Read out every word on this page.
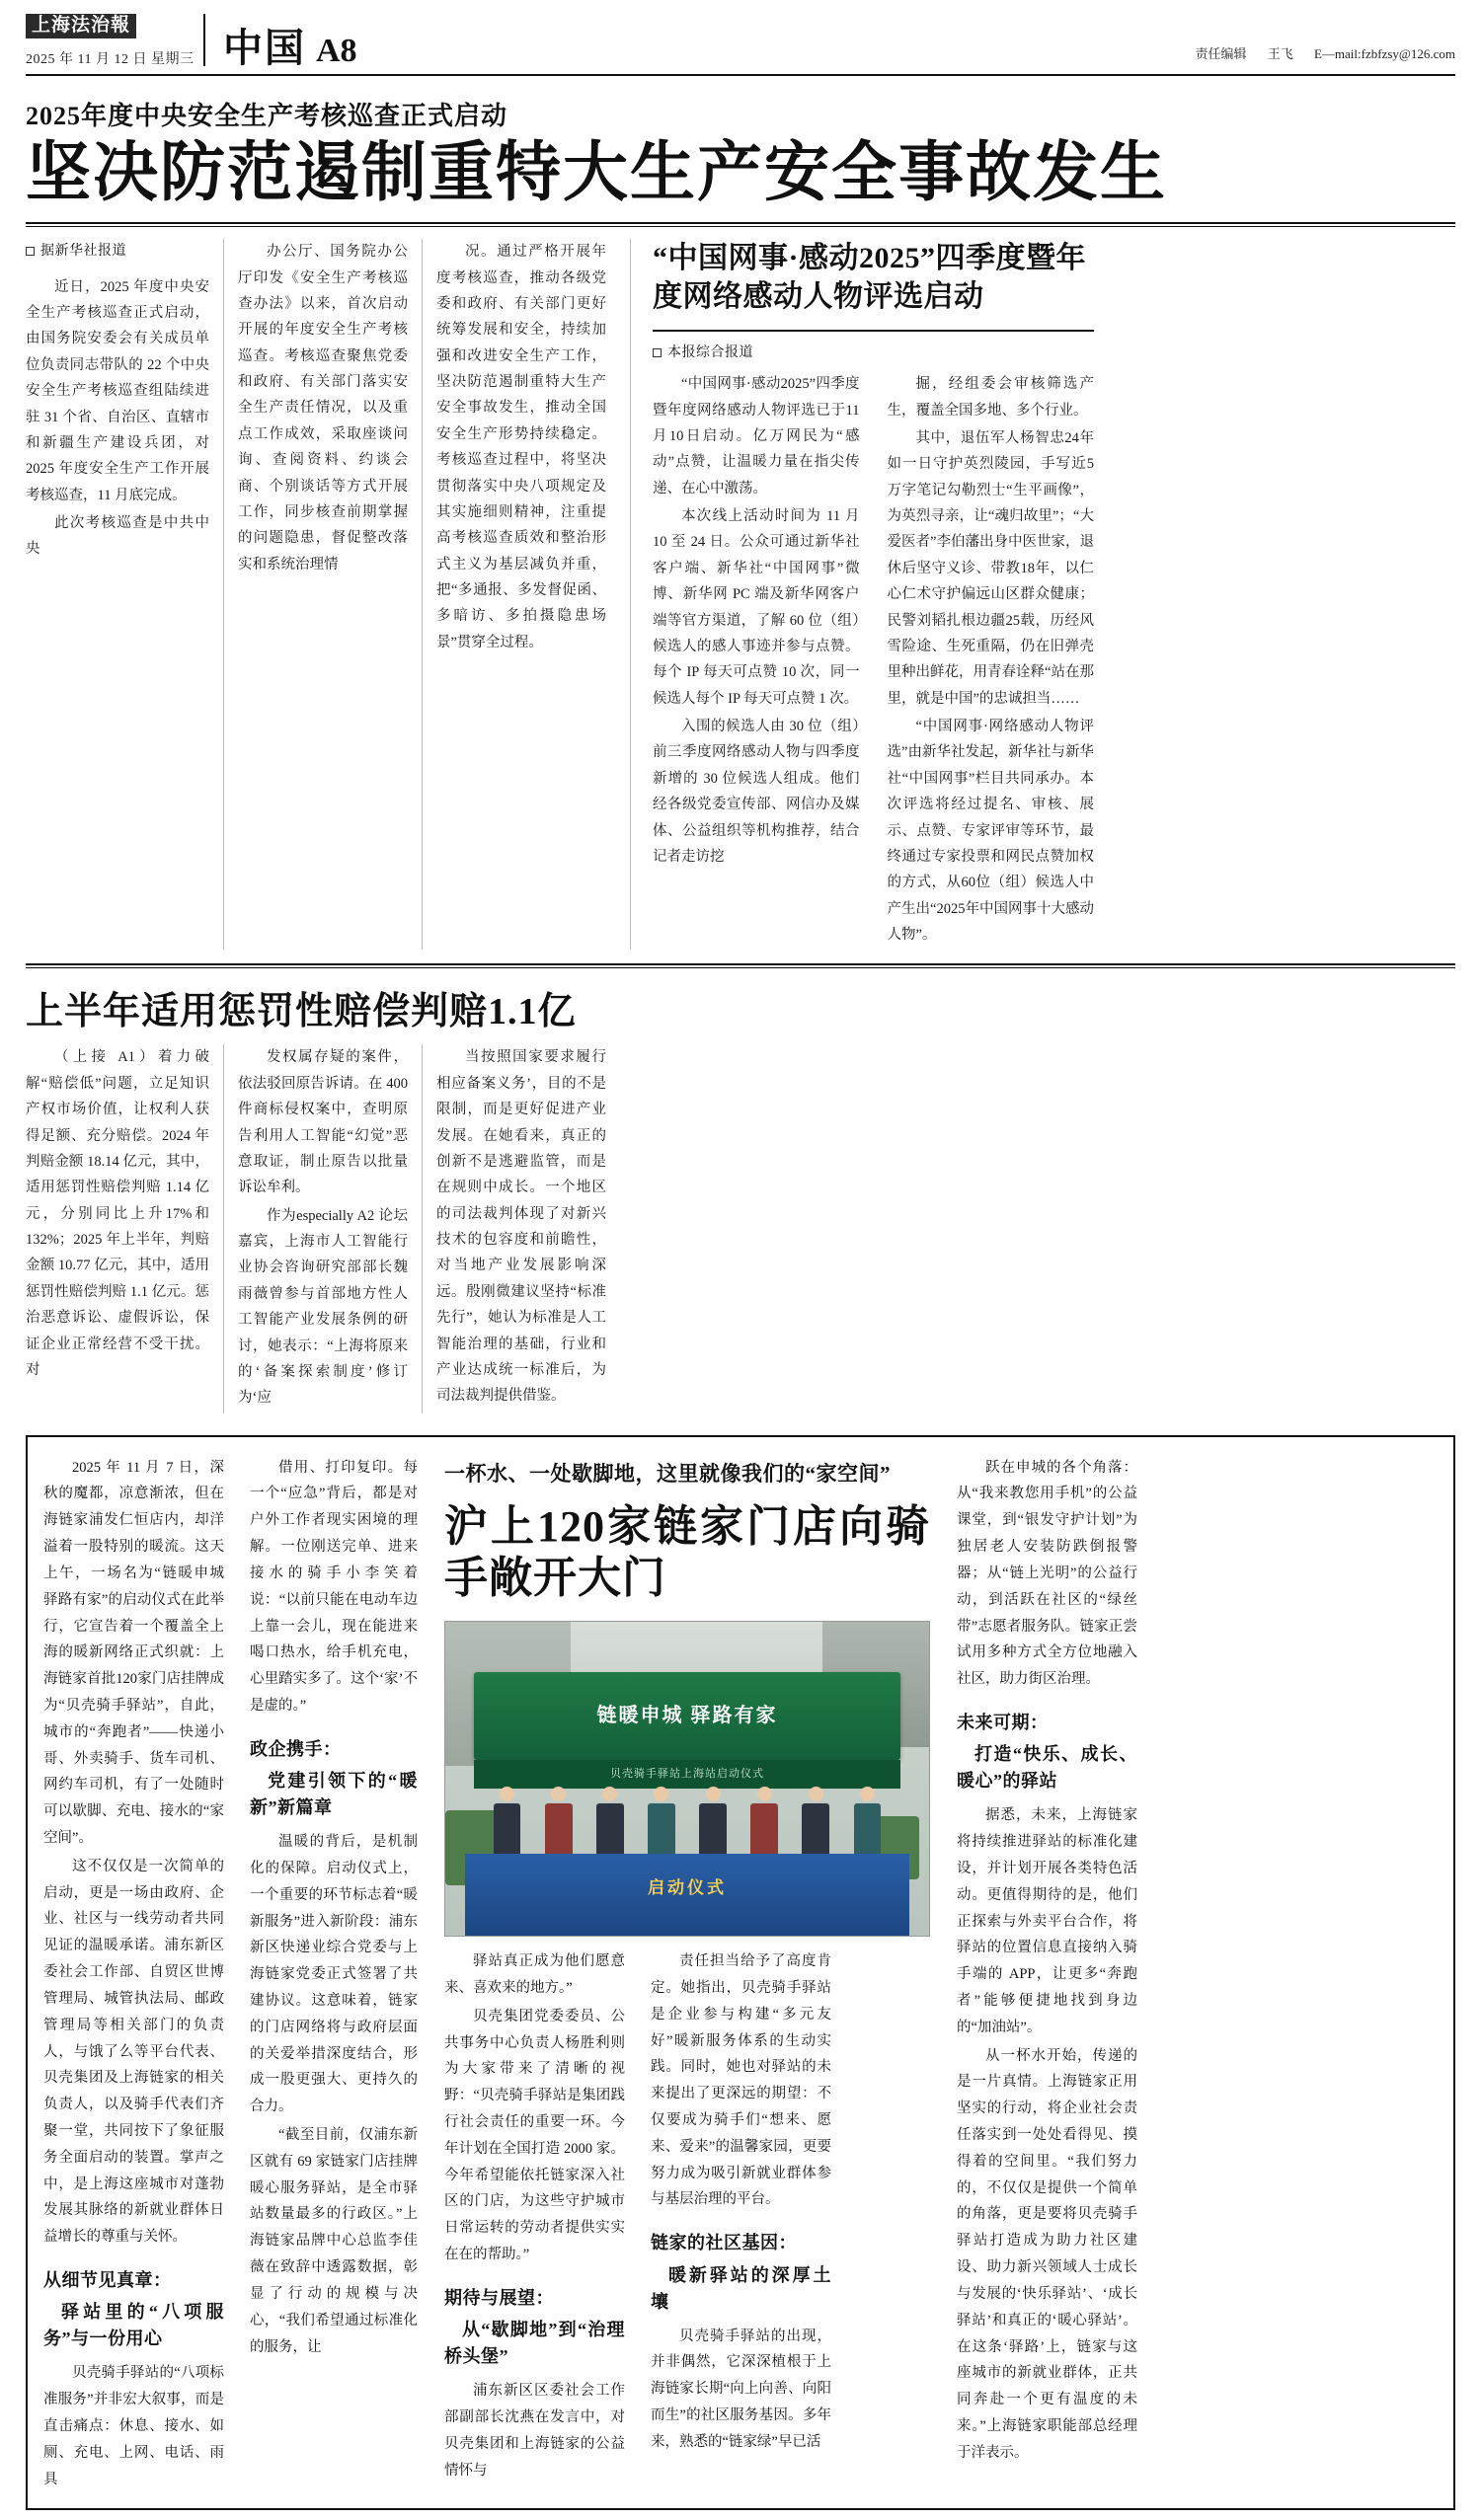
上海法治報
2025 年 11 月 12 日 星期三 中国 A8	责任编辑 王飞 E—mail:fzbfzsy@126.com
2025年度中央安全生产考核巡查正式启动
坚决防范遏制重特大生产安全事故发生
据新华社报道

近日，2025 年度中央安全生产考核巡查正式启动，由国务院安委会有关成员单位负责同志带队的 22 个中央安全生产考核巡查组陆续进驻 31 个省、自治区、直辖市和新疆生产建设兵团，对 2025 年度安全生产工作开展考核巡查，11 月底完成。

此次考核巡查是中共中央

办公厅、国务院办公厅印发《安全生产考核巡查办法》以来，首次启动开展的年度安全生产考核巡查。考核巡查聚焦党委和政府、有关部门落实安全生产责任情况，以及重点工作成效，采取座谈问询、查阅资料、约谈会商、个别谈话等方式开展工作，同步核查前期掌握的问题隐患，督促整改落实和系统治理情

况。通过严格开展年度考核巡查，推动各级党委和政府、有关部门更好统筹发展和安全，持续加强和改进安全生产工作，坚决防范遏制重特大生产安全事故发生，推动全国安全生产形势持续稳定。考核巡查过程中，将坚决贯彻落实中央八项规定及其实施细则精神，注重提高考核巡查质效和整治形式主义为基层减负并重，把“多通报、多发督促函、多暗访、多拍摄隐患场景”贯穿全过程。

“中国网事·感动2025”四季度暨年度网络感动人物评选启动
本报综合报道

“中国网事·感动2025”四季度暨年度网络感动人物评选已于11月10日启动。亿万网民为“感动”点赞，让温暖力量在指尖传递、在心中激荡。

本次线上活动时间为 11 月 10 至 24 日。公众可通过新华社客户端、新华社“中国网事”微博、新华网 PC 端及新华网客户端等官方渠道，了解 60 位（组）候选人的感人事迹并参与点赞。每个 IP 每天可点赞 10 次，同一候选人每个 IP 每天可点赞 1 次。

入围的候选人由 30 位（组）前三季度网络感动人物与四季度新增的 30 位候选人组成。他们经各级党委宣传部、网信办及媒体、公益组织等机构推荐，结合记者走访挖

掘，经组委会审核筛选产生，覆盖全国多地、多个行业。

其中，退伍军人杨智忠24年如一日守护英烈陵园，手写近5万字笔记勾勒烈士“生平画像”，为英烈寻亲，让“魂归故里”；“大爱医者”李伯藩出身中医世家，退休后坚守义诊、带教18年，以仁心仁术守护偏远山区群众健康；民警刘韬扎根边疆25载，历经风雪险途、生死重隔，仍在旧弹壳里种出鲜花，用青春诠释“站在那里，就是中国”的忠诚担当……

“中国网事·网络感动人物评选”由新华社发起，新华社与新华社“中国网事”栏目共同承办。本次评选将经过提名、审核、展示、点赞、专家评审等环节，最终通过专家投票和网民点赞加权的方式，从60位（组）候选人中产生出“2025年中国网事十大感动人物”。

上半年适用惩罚性赔偿判赔1.1亿

（上接 A1）着力破解“赔偿低”问题，立足知识产权市场价值，让权利人获得足额、充分赔偿。2024 年判赔金额 18.14 亿元，其中，适用惩罚性赔偿判赔 1.14 亿元，分别同比上升17%和132%；2025 年上半年，判赔金额 10.77 亿元，其中，适用惩罚性赔偿判赔 1.1 亿元。惩治恶意诉讼、虚假诉讼，保证企业正常经营不受干扰。对

发权属存疑的案件，依法驳回原告诉请。在 400 件商标侵权案中，查明原告利用人工智能“幻觉”恶意取证，制止原告以批量诉讼牟利。

作为especially A2 论坛嘉宾，上海市人工智能行业协会咨询研究部部长魏雨薇曾参与首部地方性人工智能产业发展条例的研讨，她表示：“上海将原来的‘备案探索制度’修订为‘应

当按照国家要求履行相应备案义务’，目的不是限制，而是更好促进产业发展。在她看来，真正的创新不是逃避监管，而是在规则中成长。一个地区的司法裁判体现了对新兴技术的包容度和前瞻性，对当地产业发展影响深远。殷刚微建议坚持“标准先行”，她认为标准是人工智能治理的基础，行业和产业达成统一标准后，为司法裁判提供借鉴。

2025 年 11 月 7 日，深秋的魔都，凉意渐浓，但在海链家浦发仁恒店内，却洋溢着一股特别的暖流。这天上午，一场名为“链暖申城 驿路有家”的启动仪式在此举行，它宣告着一个覆盖全上海的暖新网络正式织就：上海链家首批120家门店挂牌成为“贝壳骑手驿站”，自此，城市的“奔跑者”——快递小哥、外卖骑手、货车司机、网约车司机，有了一处随时可以歇脚、充电、接水的“家空间”。

这不仅仅是一次简单的启动，更是一场由政府、企业、社区与一线劳动者共同见证的温暖承诺。浦东新区委社会工作部、自贸区世博管理局、城管执法局、邮政管理局等相关部门的负责人，与饿了么等平台代表、贝壳集团及上海链家的相关负责人，以及骑手代表们齐聚一堂，共同按下了象征服务全面启动的装置。掌声之中，是上海这座城市对蓬勃发展其脉络的新就业群体日益增长的尊重与关怀。

从细节见真章：
驿站里的“八项服务”与一份用心

贝壳骑手驿站的“八项标准服务”并非宏大叙事，而是直击痛点：休息、接水、如厕、充电、上网、电话、雨具

借用、打印复印。每一个“应急”背后，都是对户外工作者现实困境的理解。一位刚送完单、进来接水的骑手小李笑着说：“以前只能在电动车边上靠一会儿，现在能进来喝口热水，给手机充电，心里踏实多了。这个‘家’不是虚的。”

政企携手：
党建引领下的“暖新”新篇章

温暖的背后，是机制化的保障。启动仪式上，一个重要的环节标志着“暖新服务”进入新阶段：浦东新区快递业综合党委与上海链家党委正式签署了共建协议。这意味着，链家的门店网络将与政府层面的关爱举措深度结合，形成一股更强大、更持久的合力。

“截至目前，仅浦东新区就有 69 家链家门店挂牌暖心服务驿站，是全市驿站数量最多的行政区。”上海链家品牌中心总监李佳薇在致辞中透露数据，彰显了行动的规模与决心，“我们希望通过标准化的服务，让

一杯水、一处歇脚地，这里就像我们的“家空间”
沪上120家链家门店向骑手敞开大门
链暖申城 驿路有家
贝壳骑手驿站上海站启动仪式
启动仪式

驿站真正成为他们愿意来、喜欢来的地方。”

贝壳集团党委委员、公共事务中心负责人杨胜利则为大家带来了清晰的视野：“贝壳骑手驿站是集团践行社会责任的重要一环。今年计划在全国打造 2000 家。今年希望能依托链家深入社区的门店，为这些守护城市日常运转的劳动者提供实实在在的帮助。”

期待与展望：
从“歇脚地”到“治理桥头堡”

浦东新区区委社会工作部副部长沈燕在发言中，对贝壳集团和上海链家的公益情怀与

责任担当给予了高度肯定。她指出，贝壳骑手驿站是企业参与构建“多元友好”暖新服务体系的生动实践。同时，她也对驿站的未来提出了更深远的期望：不仅要成为骑手们“想来、愿来、爱来”的温馨家园，更要努力成为吸引新就业群体参与基层治理的平台。

链家的社区基因：
暖新驿站的深厚土壤

贝壳骑手驿站的出现，并非偶然，它深深植根于上海链家长期“向上向善、向阳而生”的社区服务基因。多年来，熟悉的“链家绿”早已活

跃在申城的各个角落：从“我来教您用手机”的公益课堂，到“银发守护计划”为独居老人安装防跌倒报警器；从“链上光明”的公益行动，到活跃在社区的“绿丝带”志愿者服务队。链家正尝试用多种方式全方位地融入社区，助力街区治理。

未来可期：
打造“快乐、成长、暖心”的驿站

据悉，未来，上海链家将持续推进驿站的标准化建设，并计划开展各类特色活动。更值得期待的是，他们正探索与外卖平台合作，将驿站的位置信息直接纳入骑手端的 APP，让更多“奔跑者”能够便捷地找到身边的“加油站”。

从一杯水开始，传递的是一片真情。上海链家正用坚实的行动，将企业社会责任落实到一处处看得见、摸得着的空间里。“我们努力的，不仅仅是提供一个简单的角落，更是要将贝壳骑手驿站打造成为助力社区建设、助力新兴领域人士成长与发展的‘快乐驿站’、‘成长驿站’和真正的‘暖心驿站’。在这条‘驿路’上，链家与这座城市的新就业群体，正共同奔赴一个更有温度的未来。”上海链家职能部总经理于洋表示。
